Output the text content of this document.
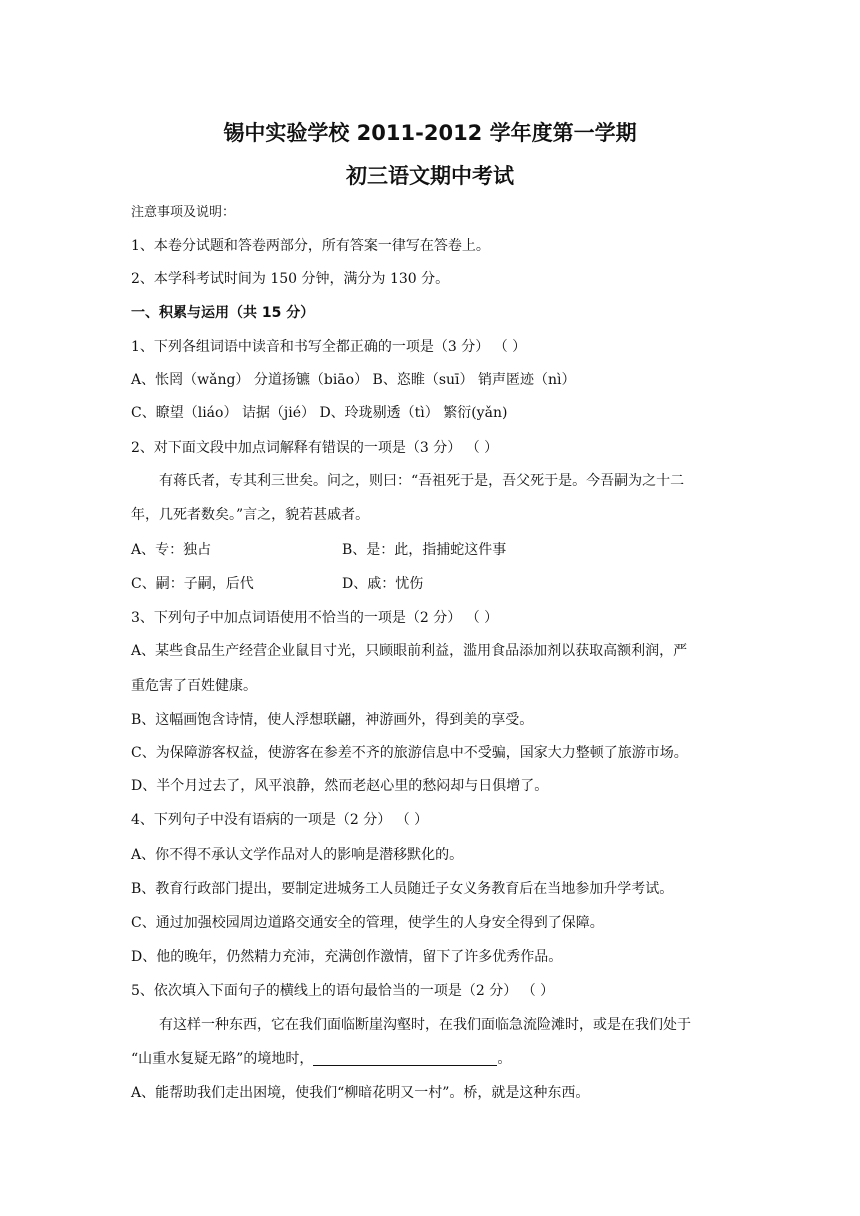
锡中实验学校 2011-2012 学年度第一学期
初三语文期中考试
注意事项及说明：
1、本卷分试题和答卷两部分，所有答案一律写在答卷上。
2、本学科考试时间为 150 分钟，满分为 130 分。
一、积累与运用（共 15 分）
1、下列各组词语中读音和书写全都正确的一项是（3 分） （ ）
A、怅罔（wǎng） 分道扬镳（biāo） B、恣睢（suī） 销声匿迹（nì）
C、瞭望（liáo） 诘据（jié） D、玲珑剔透（tì） 繁衍(yǎn)
2、对下面文段中加点词解释有错误的一项是（3 分） （ ）
有蒋氏者，专其利三世矣。问之，则曰：“吾祖死于是，吾父死于是。今吾嗣为之十二
年，几死者数矣。”言之，貌若甚戚者。
A、专：独占	B、是：此，指捕蛇这件事
C、嗣：子嗣，后代	D、戚：忧伤
3、下列句子中加点词语使用不恰当的一项是（2 分） （ ）
A、某些食品生产经营企业鼠目寸光，只顾眼前利益，滥用食品添加剂以获取高额利润，严
重危害了百姓健康。
B、这幅画饱含诗情，使人浮想联翩，神游画外，得到美的享受。
C、为保障游客权益，使游客在参差不齐的旅游信息中不受骗，国家大力整顿了旅游市场。
D、半个月过去了，风平浪静，然而老赵心里的愁闷却与日俱增了。
4、下列句子中没有语病的一项是（2 分） （ ）
A、你不得不承认文学作品对人的影响是潜移默化的。
B、教育行政部门提出，要制定进城务工人员随迁子女义务教育后在当地参加升学考试。
C、通过加强校园周边道路交通安全的管理，使学生的人身安全得到了保障。
D、他的晚年，仍然精力充沛，充满创作激情，留下了许多优秀作品。
5、依次填入下面句子的横线上的语句最恰当的一项是（2 分） （ ）
有这样一种东西，它在我们面临断崖沟壑时，在我们面临急流险滩时，或是在我们处于
“山重水复疑无路”的境地时，	。
A、能帮助我们走出困境，使我们“柳暗花明又一村”。桥，就是这种东西。
